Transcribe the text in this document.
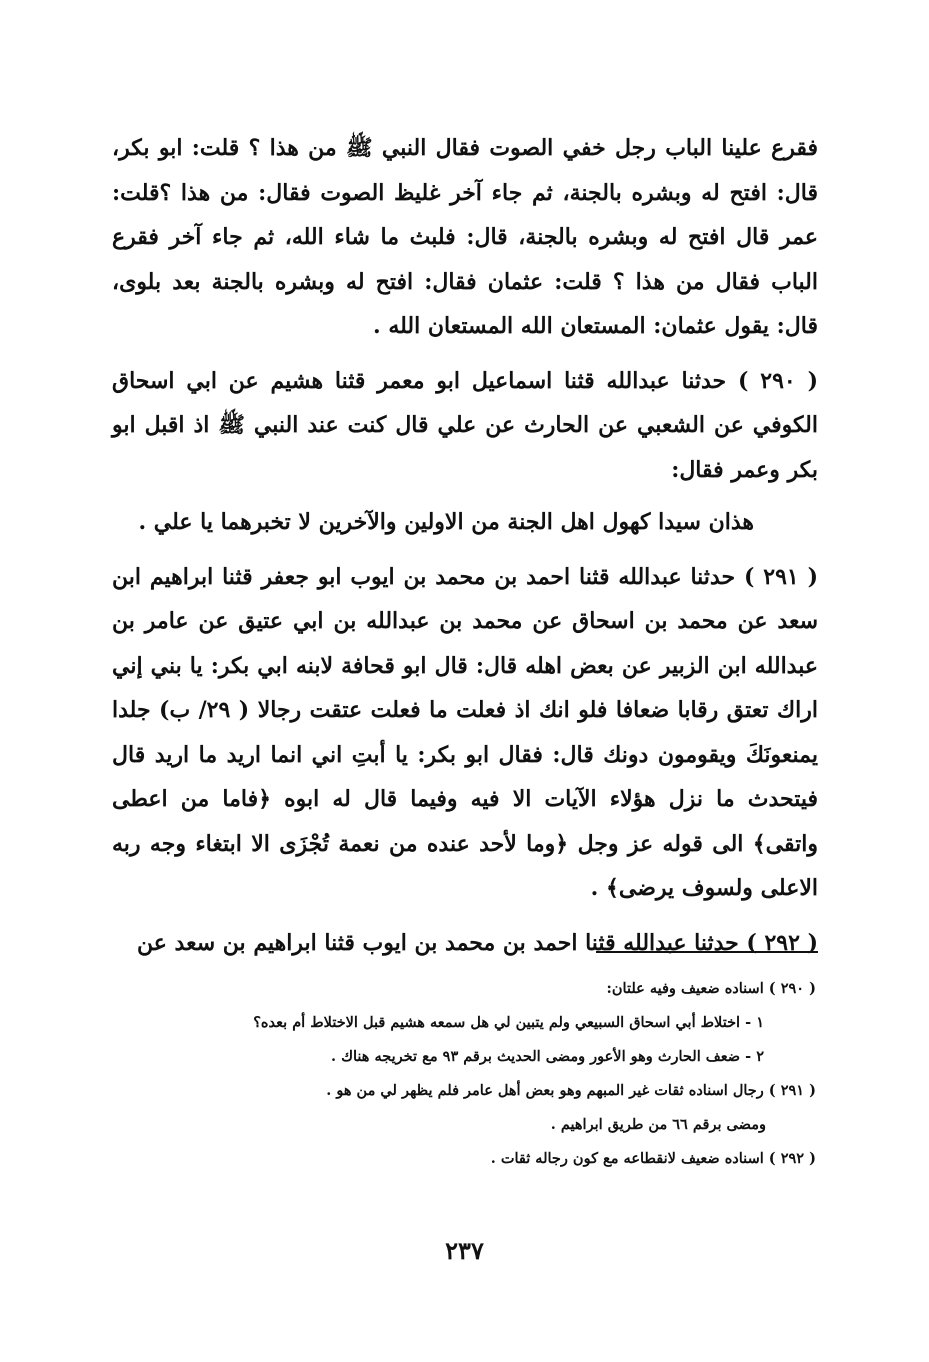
فقرع علينا الباب رجل خفي الصوت فقال النبي ﷺ من هذا ؟ قلت: ابو بكر، قال: افتح له وبشره بالجنة، ثم جاء آخر غليظ الصوت فقال: من هذا ؟قلت: عمر قال افتح له وبشره بالجنة، قال: فلبث ما شاء الله، ثم جاء آخر فقرع الباب فقال من هذا ؟ قلت: عثمان فقال: افتح له وبشره بالجنة بعد بلوى، قال: يقول عثمان: المستعان الله المستعان الله .

( ٢٩٠ ) حدثنا عبدالله قثنا اسماعيل ابو معمر قثنا هشيم عن ابي اسحاق الكوفي عن الشعبي عن الحارث عن علي قال كنت عند النبي ﷺ اذ اقبل ابو بكر وعمر فقال:

هذان سيدا كهول اهل الجنة من الاولين والآخرين لا تخبرهما يا علي .

( ٢٩١ ) حدثنا عبدالله قثنا احمد بن محمد بن ايوب ابو جعفر قثنا ابراهيم ابن سعد عن محمد بن اسحاق عن محمد بن عبدالله بن ابي عتيق عن عامر بن عبدالله ابن الزبير عن بعض اهله قال: قال ابو قحافة لابنه ابي بكر: يا بني إني اراك تعتق رقابا ضعافا فلو انك اذ فعلت ما فعلت عتقت رجالا ( ٢٩/ ب) جلدا يمنعونَكَ ويقومون دونك قال: فقال ابو بكر: يا أبتِ اني انما اريد ما اريد قال فيتحدث ما نزل هؤلاء الآيات الا فيه وفيما قال له ابوه ﴿فاما من اعطى واتقى﴾ الى قوله عز وجل ﴿وما لأحد عنده من نعمة تُجْزَى الا ابتغاء وجه ربه الاعلى ولسوف يرضى﴾ .

( ٢٩٢ ) حدثنا عبدالله قثنا احمد بن محمد بن ايوب قثنا ابراهيم بن سعد عن

( ٢٩٠ ) اسناده ضعيف وفيه علتان:

١ - اختلاط أبي اسحاق السبيعي ولم يتبين لي هل سمعه هشيم قبل الاختلاط أم بعده؟

٢ - ضعف الحارث وهو الأعور ومضى الحديث برقم ٩٣ مع تخريجه هناك .

( ٢٩١ ) رجال اسناده ثقات غير المبهم وهو بعض أهل عامر فلم يظهر لي من هو .

ومضى برقم ٦٦ من طريق ابراهيم .

( ٢٩٢ ) اسناده ضعيف لانقطاعه مع كون رجاله ثقات .

٢٣٧
